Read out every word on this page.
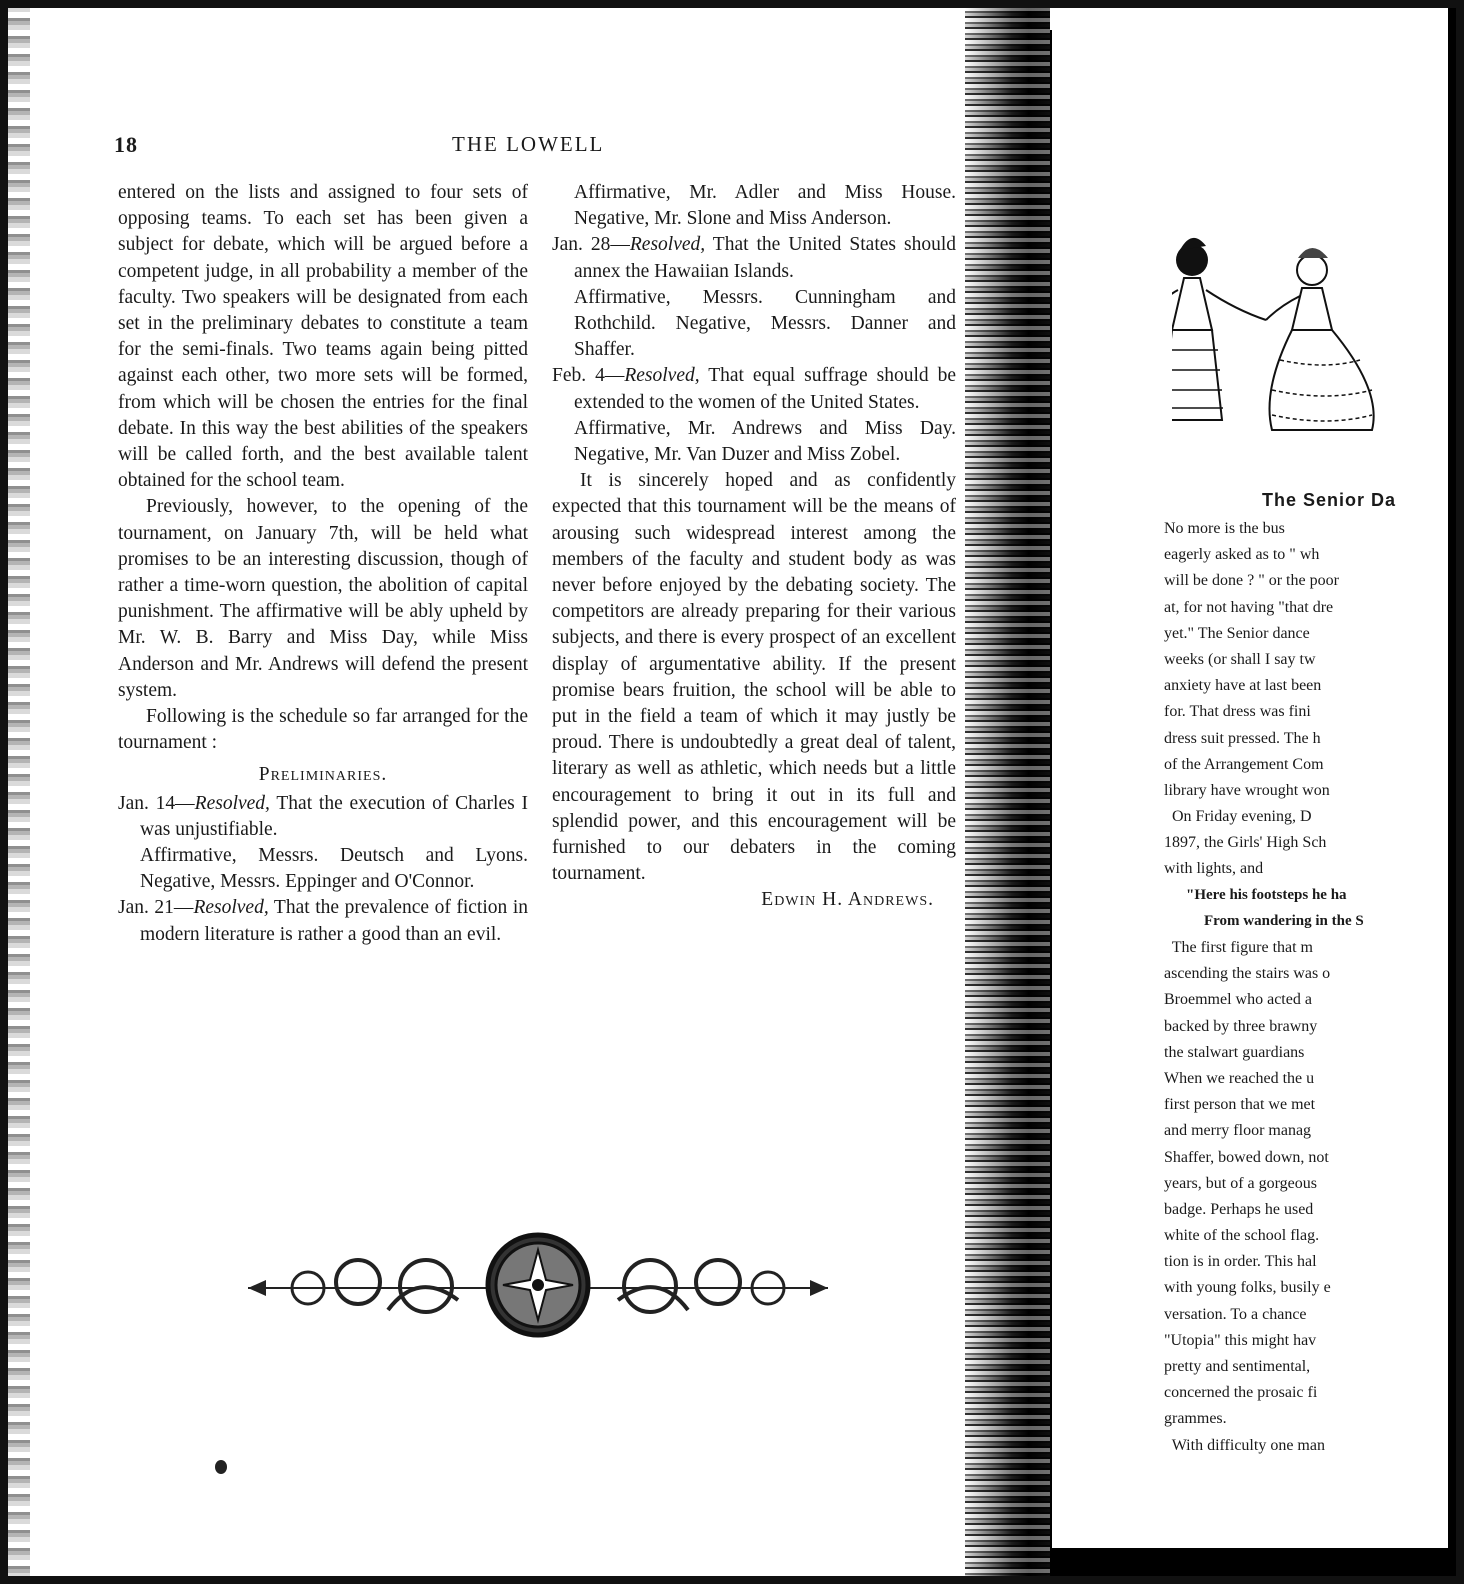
18	THE LOWELL

entered on the lists and assigned to four sets of opposing teams. To each set has been given a subject for debate, which will be argued before a competent judge, in all probability a member of the faculty. Two speakers will be designated from each set in the preliminary debates to constitute a team for the semi-finals. Two teams again being pitted against each other, two more sets will be formed, from which will be chosen the entries for the final debate. In this way the best abilities of the speakers will be called forth, and the best available talent obtained for the school team.

Previously, however, to the opening of the tournament, on January 7th, will be held what promises to be an interesting discussion, though of rather a time-worn question, the abolition of capital punishment. The affirmative will be ably upheld by Mr. W. B. Barry and Miss Day, while Miss Anderson and Mr. Andrews will defend the present system.

Following is the schedule so far arranged for the tournament :

Preliminaries.

Jan. 14—Resolved, That the execution of Charles I was unjustifiable.

Affirmative, Messrs. Deutsch and Lyons. Negative, Messrs. Eppinger and O'Connor.

Jan. 21—Resolved, That the prevalence of fiction in modern literature is rather a good than an evil.

Affirmative, Mr. Adler and Miss House. Negative, Mr. Slone and Miss Anderson.

Jan. 28—Resolved, That the United States should annex the Hawaiian Islands.

Affirmative, Messrs. Cunningham and Rothchild. Negative, Messrs. Danner and Shaffer.

Feb. 4—Resolved, That equal suffrage should be extended to the women of the United States.

Affirmative, Mr. Andrews and Miss Day. Negative, Mr. Van Duzer and Miss Zobel.

It is sincerely hoped and as confidently expected that this tournament will be the means of arousing such widespread interest among the members of the faculty and student body as was never before enjoyed by the debating society. The competitors are already preparing for their various subjects, and there is every prospect of an excellent display of argumentative ability. If the present promise bears fruition, the school will be able to put in the field a team of which it may justly be proud. There is undoubtedly a great deal of talent, literary as well as athletic, which needs but a little encouragement to bring it out in its full and splendid power, and this encouragement will be furnished to our debaters in the coming tournament.

Edwin H. Andrews.

The Senior Da
No more is the bus
eagerly asked as to " wh
will be done ? " or the poor
at, for not having "that dre
yet." The Senior dance
weeks (or shall I say tw
anxiety have at last been
for. That dress was fini
dress suit pressed. The h
of the Arrangement Com
library have wrought won
On Friday evening, D
1897, the Girls' High Sch
with lights, and
"Here his footsteps he ha
From wandering in the S
The first figure that m
ascending the stairs was o
Broemmel who acted a
backed by three brawny
the stalwart guardians
When we reached the u
first person that we met
and merry floor manag
Shaffer, bowed down, not
years, but of a gorgeous
badge. Perhaps he used
white of the school flag.
tion is in order. This hal
with young folks, busily e
versation. To a chance
"Utopia" this might hav
pretty and sentimental,
concerned the prosaic fi
grammes.
With difficulty one man
